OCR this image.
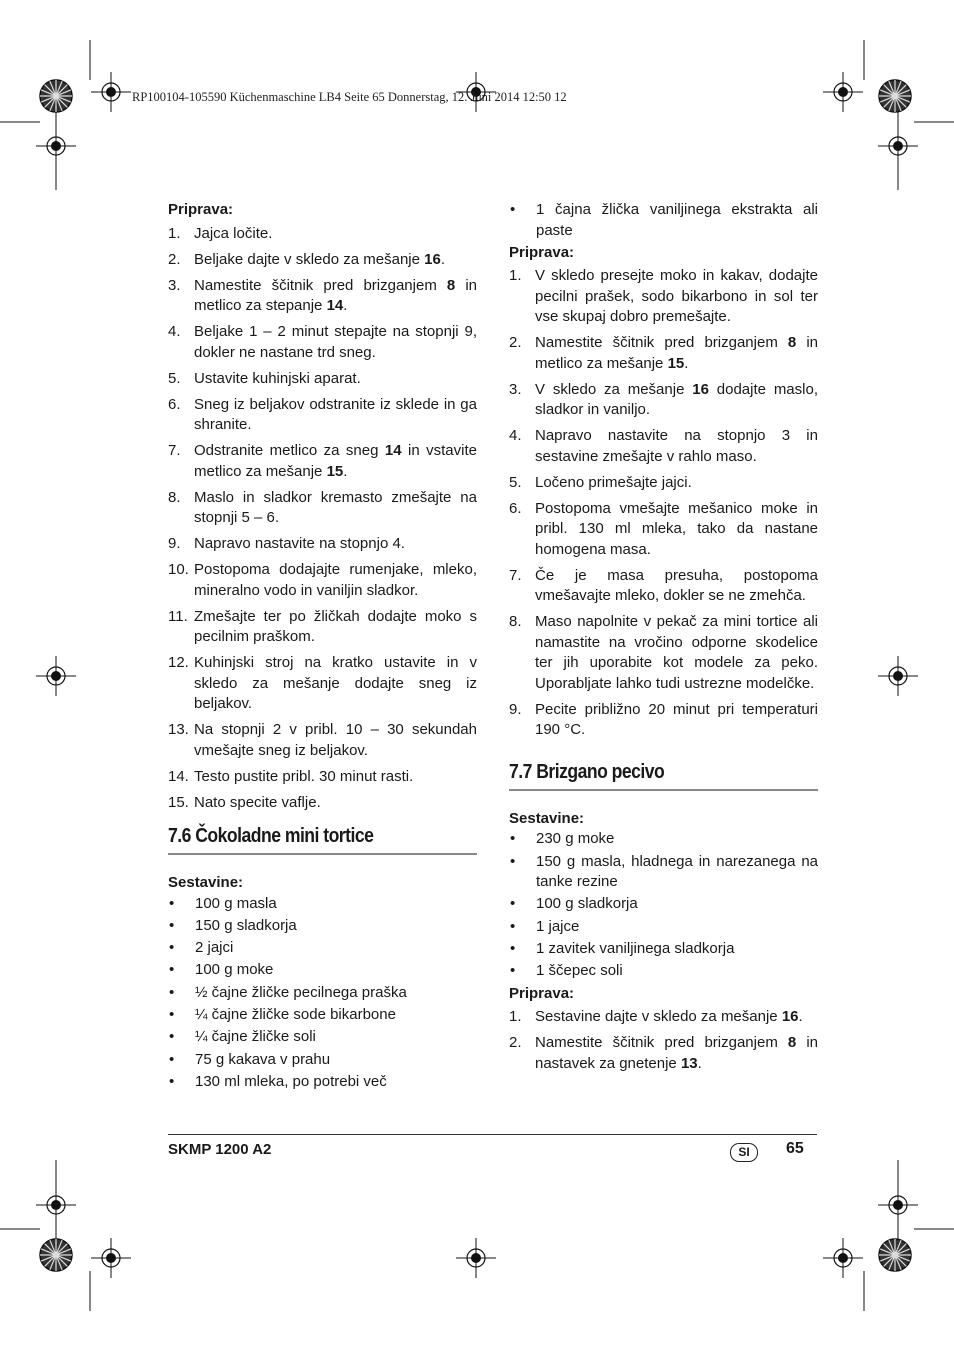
RP100104-105590 Küchenmaschine LB4 Seite 65 Donnerstag, 12. Juni 2014 12:50 12

Priprava:

1. Jajca ločite.
2. Beljake dajte v skledo za mešanje 16.
3. Namestite ščitnik pred brizganjem 8 in metlico za stepanje 14.
4. Beljake 1 – 2 minut stepajte na stopnji 9, dokler ne nastane trd sneg.
5. Ustavite kuhinjski aparat.
6. Sneg iz beljakov odstranite iz sklede in ga shranite.
7. Odstranite metlico za sneg 14 in vstavite metlico za mešanje 15.
8. Maslo in sladkor kremasto zmešajte na stopnji 5 – 6.
9. Napravo nastavite na stopnjo 4.
10. Postopoma dodajajte rumenjake, mleko, mineralno vodo in vaniljin sladkor.
11. Zmešajte ter po žličkah dodajte moko s pecilnim praškom.
12. Kuhinjski stroj na kratko ustavite in v skledo za mešanje dodajte sneg iz beljakov.
13. Na stopnji 2 v pribl. 10 – 30 sekundah vmešajte sneg iz beljakov.
14. Testo pustite pribl. 30 minut rasti.
15. Nato specite vaflje.
7.6 Čokoladne mini tortice

Sestavine:

•	100 g masla
•	150 g sladkorja
•	2 jajci
•	100 g moke
•	½ čajne žličke pecilnega praška
•	¼ čajne žličke sode bikarbone
•	¼ čajne žličke soli
•	75 g kakava v prahu
•	130 ml mleka, po potrebi več
•	1 čajna žlička vaniljinega ekstrakta ali paste

Priprava:

1. V skledo presejte moko in kakav, dodajte pecilni prašek, sodo bikarbono in sol ter vse skupaj dobro premešajte.
2. Namestite ščitnik pred brizganjem 8 in metlico za mešanje 15.
3. V skledo za mešanje 16 dodajte maslo, sladkor in vaniljo.
4. Napravo nastavite na stopnjo 3 in sestavine zmešajte v rahlo maso.
5. Ločeno primešajte jajci.
6. Postopoma vmešajte mešanico moke in pribl. 130 ml mleka, tako da nastane homogena masa.
7. Če je masa presuha, postopoma vmešavajte mleko, dokler se ne zmehča.
8. Maso napolnite v pekač za mini tortice ali namastite na vročino odporne skodelice ter jih uporabite kot modele za peko. Uporabljate lahko tudi ustrezne modelčke.
9. Pecite približno 20 minut pri temperaturi 190 °C.
7.7 Brizgano pecivo

Sestavine:

•	230 g moke
•	150 g masla, hladnega in narezanega na tanke rezine
•	100 g sladkorja
•	1 jajce
•	1 zavitek vaniljinega sladkorja
•	1 ščepec soli

Priprava:

1. Sestavine dajte v skledo za mešanje 16.
2. Namestite ščitnik pred brizganjem 8 in nastavek za gnetenje 13.
SKMP 1200 A2	SI	65
